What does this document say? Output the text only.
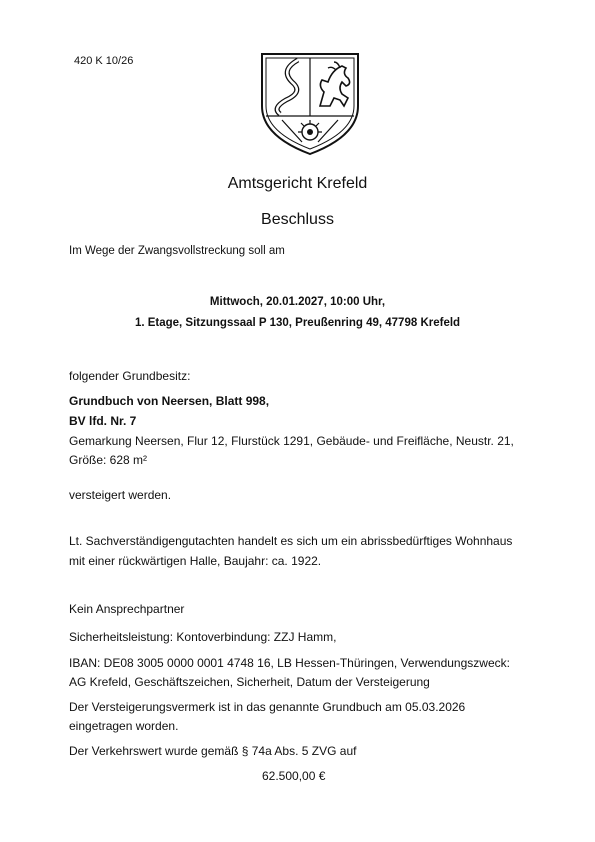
420 K 10/26
Amtsgericht Krefeld
Beschluss
Im Wege der Zwangsvollstreckung soll am
Mittwoch, 20.01.2027, 10:00 Uhr,
1. Etage, Sitzungssaal P 130, Preußenring 49, 47798 Krefeld
folgender Grundbesitz:
Grundbuch von Neersen, Blatt 998,
BV lfd. Nr. 7
Gemarkung Neersen, Flur 12, Flurstück 1291, Gebäude- und Freifläche, Neustr. 21,
Größe: 628 m²
versteigert werden.
Lt. Sachverständigengutachten handelt es sich um ein abrissbedürftiges Wohnhaus
mit einer rückwärtigen Halle, Baujahr: ca. 1922.
Kein Ansprechpartner
Sicherheitsleistung: Kontoverbindung: ZZJ Hamm,
IBAN: DE08 3005 0000 0001 4748 16, LB Hessen-Thüringen, Verwendungszweck:
AG Krefeld, Geschäftszeichen, Sicherheit, Datum der Versteigerung
Der Versteigerungsvermerk ist in das genannte Grundbuch am 05.03.2026
eingetragen worden.
Der Verkehrswert wurde gemäß § 74a Abs. 5 ZVG auf
62.500,00 €
